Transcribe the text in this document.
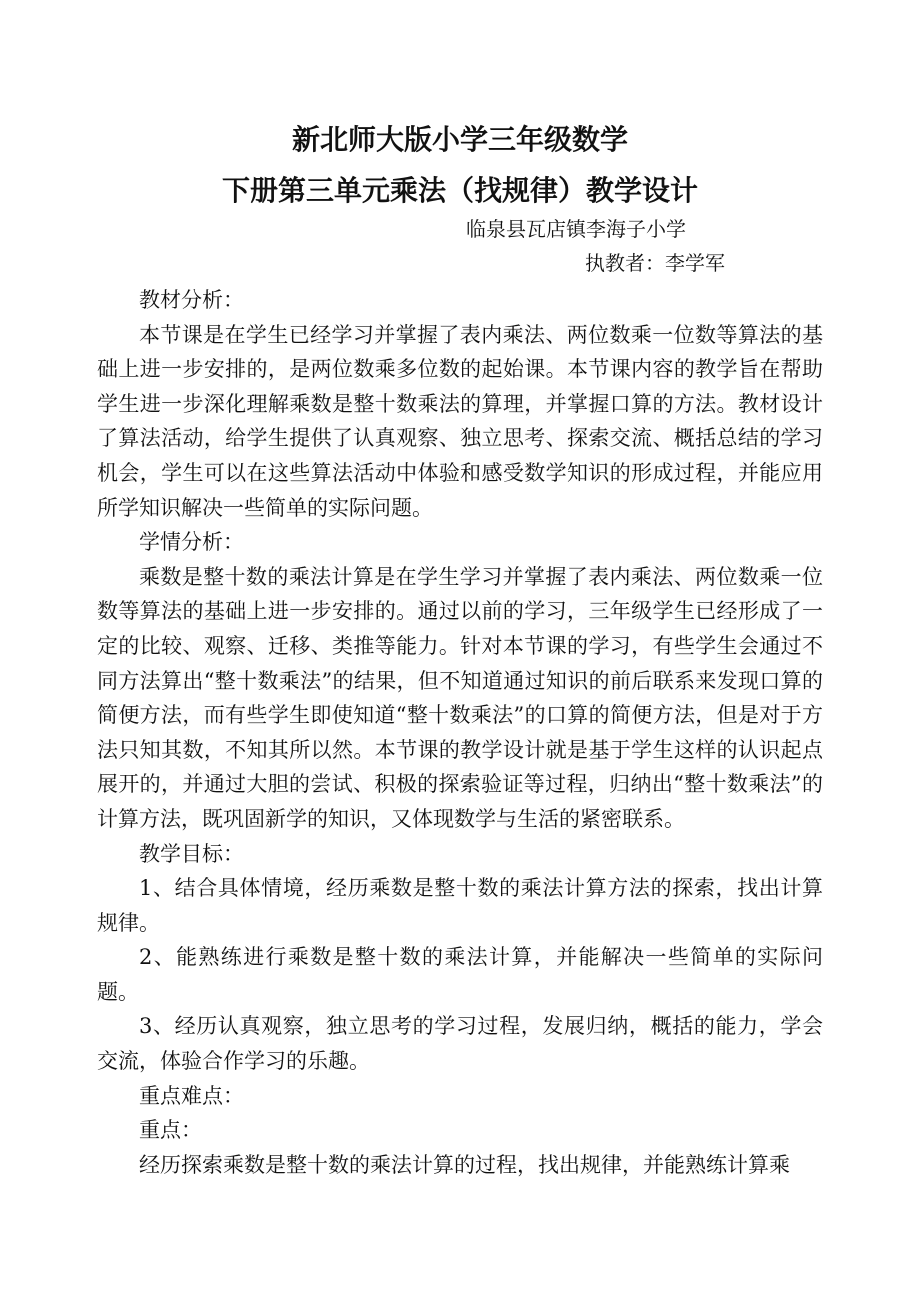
新北师大版小学三年级数学
下册第三单元乘法（找规律）教学设计
临泉县瓦店镇李海子小学
执教者：李学军

教材分析：

本节课是在学生已经学习并掌握了表内乘法、两位数乘一位数等算法的基础上进一步安排的，是两位数乘多位数的起始课。本节课内容的教学旨在帮助学生进一步深化理解乘数是整十数乘法的算理，并掌握口算的方法。教材设计了算法活动，给学生提供了认真观察、独立思考、探索交流、概括总结的学习机会，学生可以在这些算法活动中体验和感受数学知识的形成过程，并能应用所学知识解决一些简单的实际问题。

学情分析：

乘数是整十数的乘法计算是在学生学习并掌握了表内乘法、两位数乘一位数等算法的基础上进一步安排的。通过以前的学习，三年级学生已经形成了一定的比较、观察、迁移、类推等能力。针对本节课的学习，有些学生会通过不同方法算出“整十数乘法”的结果，但不知道通过知识的前后联系来发现口算的简便方法，而有些学生即使知道“整十数乘法”的口算的简便方法，但是对于方法只知其数，不知其所以然。本节课的教学设计就是基于学生这样的认识起点展开的，并通过大胆的尝试、积极的探索验证等过程，归纳出“整十数乘法”的计算方法，既巩固新学的知识，又体现数学与生活的紧密联系。

教学目标：

1、结合具体情境，经历乘数是整十数的乘法计算方法的探索，找出计算规律。

2、能熟练进行乘数是整十数的乘法计算，并能解决一些简单的实际问题。

3、经历认真观察，独立思考的学习过程，发展归纳，概括的能力，学会交流，体验合作学习的乐趣。

重点难点：

重点：

经历探索乘数是整十数的乘法计算的过程，找出规律，并能熟练计算乘
